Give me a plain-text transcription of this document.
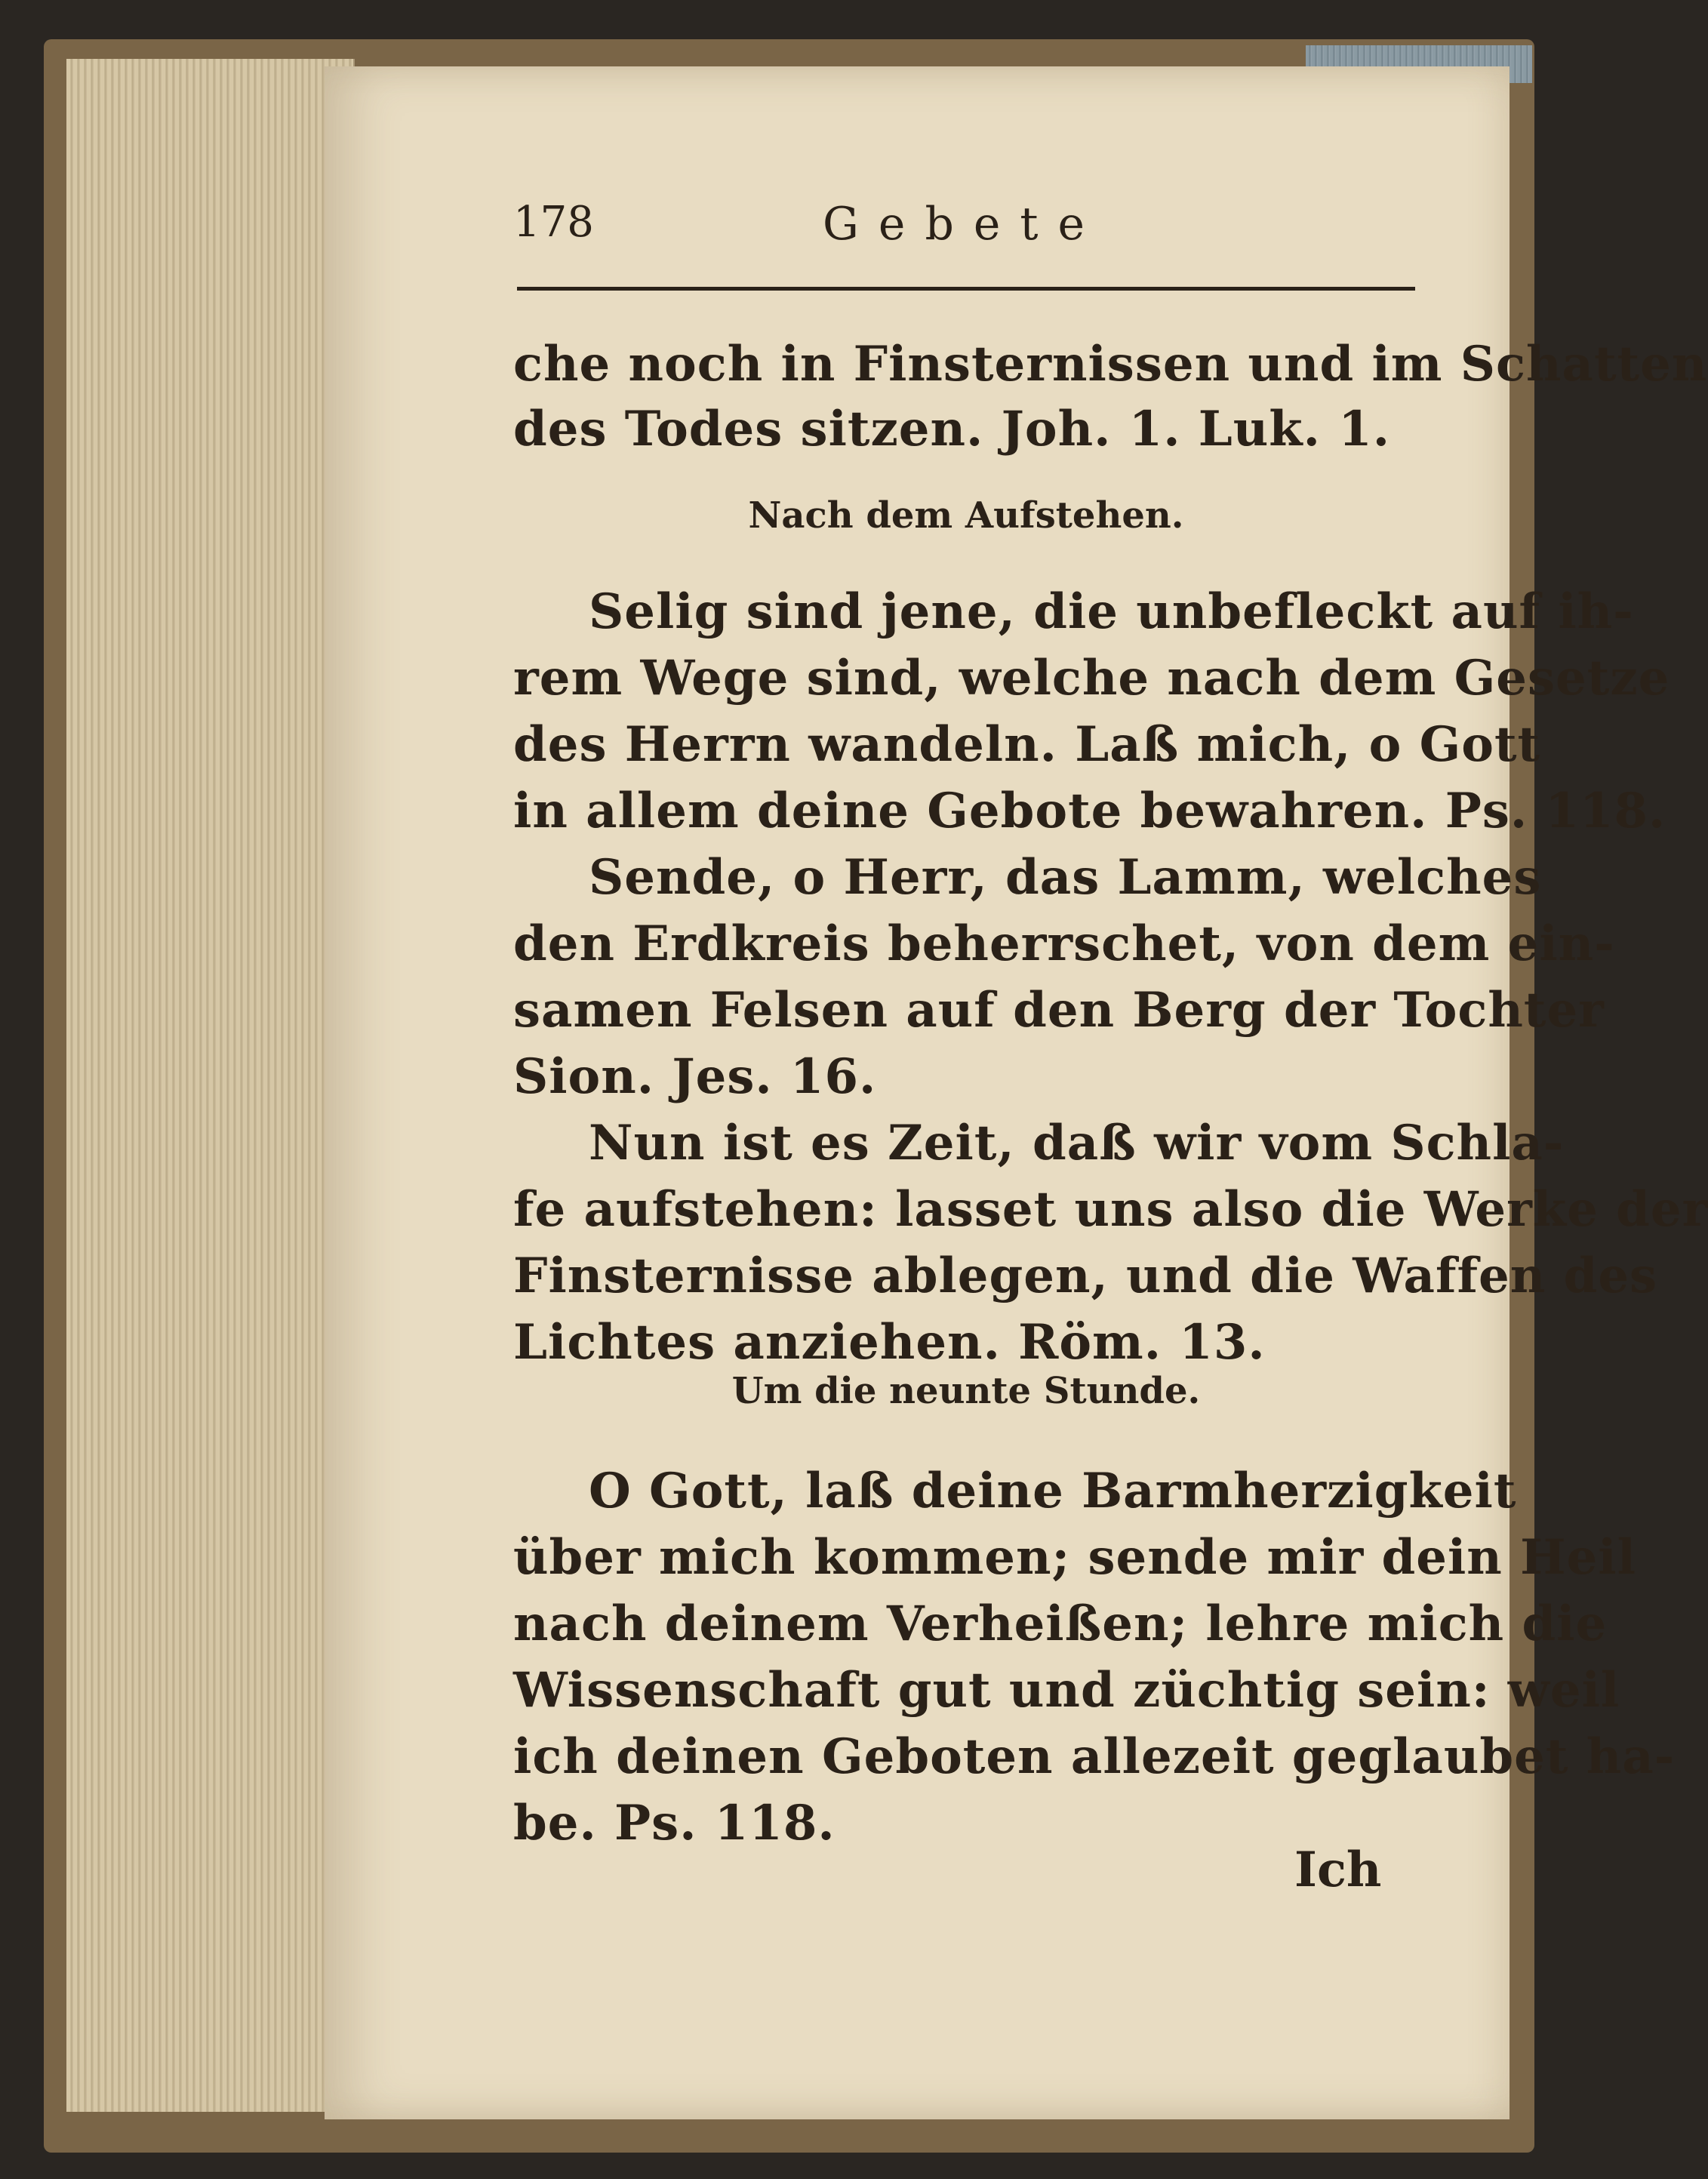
178	Gebete
che noch in Finsternissen und im Schatten
des Todes sitzen. Joh. 1. Luk. 1.
Nach dem Aufstehen.
Selig sind jene, die unbefleckt auf ih-
rem Wege sind, welche nach dem Gesetze
des Herrn wandeln. Laß mich, o Gott
in allem deine Gebote bewahren. Ps. 118.
Sende, o Herr, das Lamm, welches
den Erdkreis beherrschet, von dem ein-
samen Felsen auf den Berg der Tochter
Sion. Jes. 16.
Nun ist es Zeit, daß wir vom Schla-
fe aufstehen: lasset uns also die Werke der
Finsternisse ablegen, und die Waffen des
Lichtes anziehen. Röm. 13.
Um die neunte Stunde.
O Gott, laß deine Barmherzigkeit
über mich kommen; sende mir dein Heil
nach deinem Verheißen; lehre mich die
Wissenschaft gut und züchtig sein: weil
ich deinen Geboten allezeit geglaubet ha-
be. Ps. 118.
Ich
